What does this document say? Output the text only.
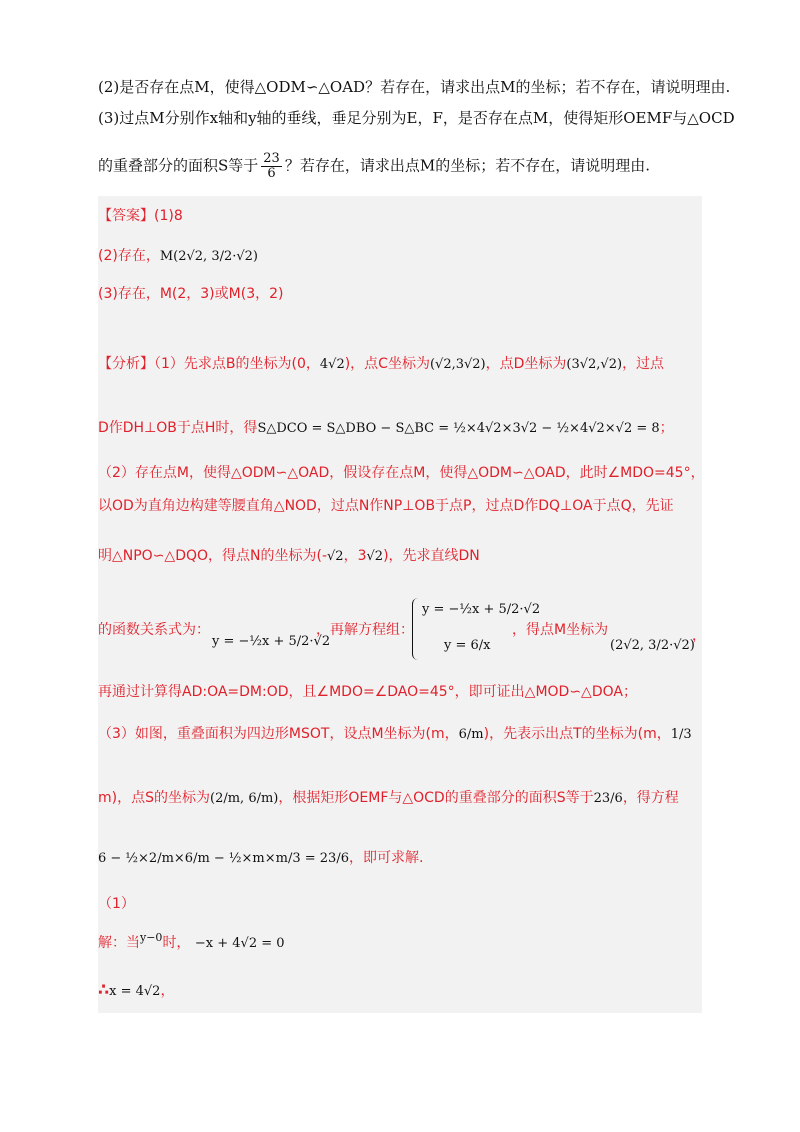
(2)是否存在点M，使得△ODM∽△OAD？若存在，请求出点M的坐标；若不存在，请说明理由.
(3)过点M分别作x轴和y轴的垂线，垂足分别为E，F，是否存在点M，使得矩形OEMF与△OCD
的重叠部分的面积S等于 $\frac{23}{6}$ ？若存在，请求出点M的坐标；若不存在，请说明理由.
【答案】(1)8
(2)存在，M(2√2, 3/2·√2)
(3)存在，M(2，3)或M(3，2)
【分析】（1）先求点B的坐标为(0，4√2)，点C坐标为(√2,3√2)，点D坐标为(3√2,√2)，过点
D作DH⊥OB于点H时，得S△DCO = S△DBO − S△BC = ½×4√2×3√2 − ½×4√2×√2 = 8；
（2）存在点M，使得△ODM∽△OAD，假设存在点M，使得△ODM∽△OAD，此时∠MDO=45°，
以OD为直角边构建等腰直角△NOD，过点N作NP⊥OB于点P，过点D作DQ⊥OA于点Q，先证
明△NPO∽△DQO，得点N的坐标为(-√2，3√2)，先求直线DN
的函数关系式为：
y = −½x + 5/2·√2
，再解方程组：
y = −½x + 5/2·√2
y = 6/x
，得点M坐标为
(2√2, 3/2·√2)
，
再通过计算得AD:OA=DM:OD，且∠MDO=∠DAO=45°，即可证出△MOD∽△DOA；
（3）如图，重叠面积为四边形MSOT，设点M坐标为(m，6/m)，先表示出点T的坐标为(m，1/3
m)，点S的坐标为(2/m, 6/m)，根据矩形OEMF与△OCD的重叠部分的面积S等于23/6，得方程
6 − ½×2/m×6/m − ½×m×m/3 = 23/6，即可求解.
（1）
解：当$^{y-0}$时， −x + 4√2 = 0
∴x = 4√2，
